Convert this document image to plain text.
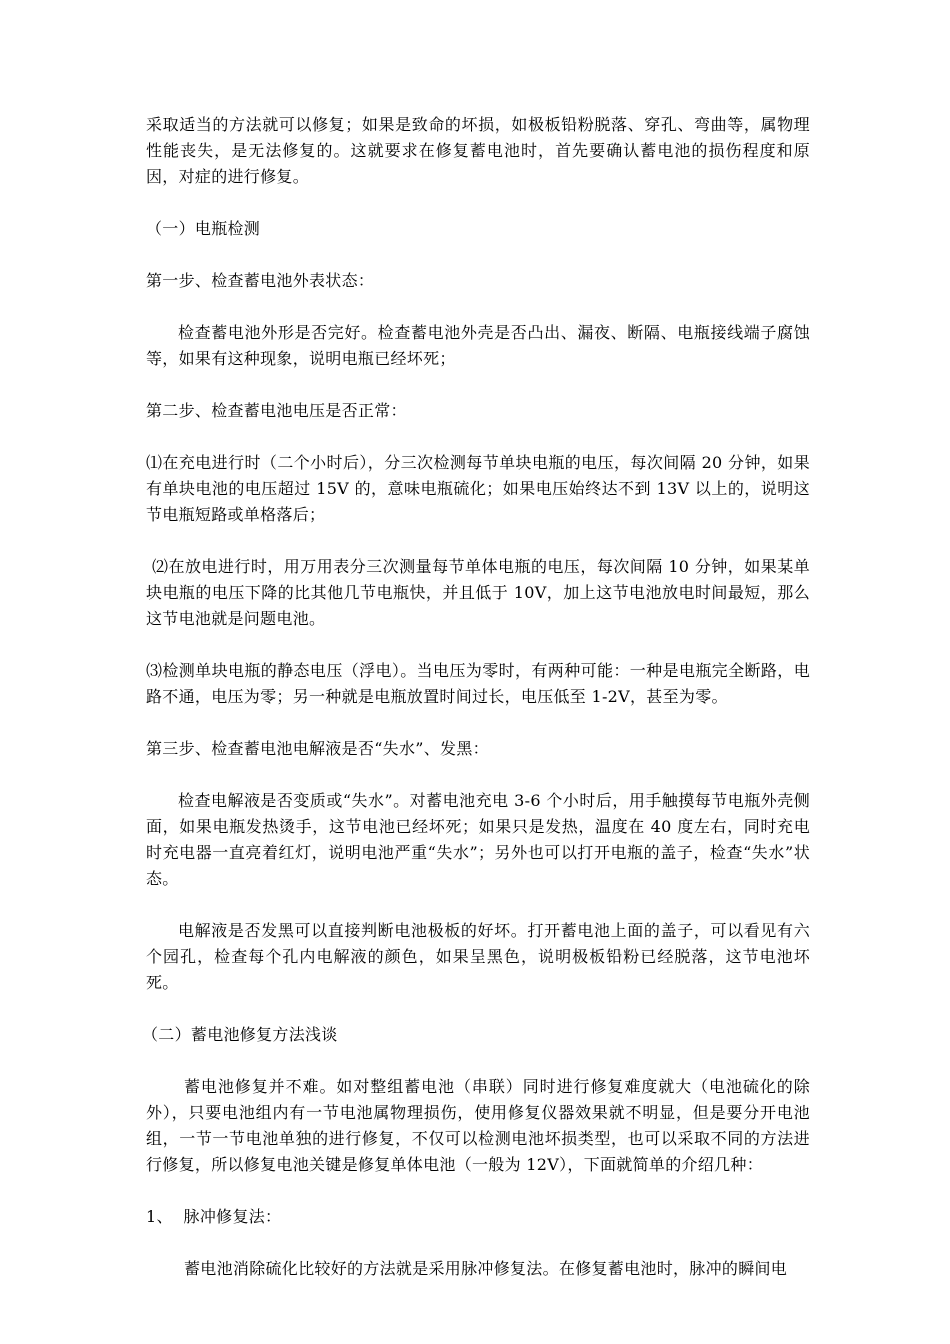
采取适当的方法就可以修复；如果是致命的坏损，如极板铅粉脱落、穿孔、弯曲等，属物理性能丧失，是无法修复的。这就要求在修复蓄电池时，首先要确认蓄电池的损伤程度和原因，对症的进行修复。

（一）电瓶检测

第一步、检查蓄电池外表状态：

检查蓄电池外形是否完好。检查蓄电池外壳是否凸出、漏夜、断隔、电瓶接线端子腐蚀等，如果有这种现象，说明电瓶已经坏死；

第二步、检查蓄电池电压是否正常：

⑴在充电进行时（二个小时后），分三次检测每节单块电瓶的电压，每次间隔 20 分钟，如果有单块电池的电压超过 15V 的，意味电瓶硫化；如果电压始终达不到 13V 以上的，说明这节电瓶短路或单格落后；

⑵在放电进行时，用万用表分三次测量每节单体电瓶的电压，每次间隔 10 分钟，如果某单块电瓶的电压下降的比其他几节电瓶快，并且低于 10V，加上这节电池放电时间最短，那么这节电池就是问题电池。

⑶检测单块电瓶的静态电压（浮电）。当电压为零时，有两种可能：一种是电瓶完全断路，电路不通，电压为零；另一种就是电瓶放置时间过长，电压低至 1-2V，甚至为零。

第三步、检查蓄电池电解液是否“失水”、发黑：

检查电解液是否变质或“失水”。对蓄电池充电 3-6 个小时后，用手触摸每节电瓶外壳侧面，如果电瓶发热烫手，这节电池已经坏死；如果只是发热，温度在 40 度左右，同时充电时充电器一直亮着红灯，说明电池严重“失水”；另外也可以打开电瓶的盖子，检查“失水”状态。

电解液是否发黑可以直接判断电池极板的好坏。打开蓄电池上面的盖子，可以看见有六个园孔，检查每个孔内电解液的颜色，如果呈黑色，说明极板铅粉已经脱落，这节电池坏死。

（二）蓄电池修复方法浅谈

蓄电池修复并不难。如对整组蓄电池（串联）同时进行修复难度就大（电池硫化的除外），只要电池组内有一节电池属物理损伤，使用修复仪器效果就不明显，但是要分开电池组，一节一节电池单独的进行修复，不仅可以检测电池坏损类型，也可以采取不同的方法进行修复，所以修复电池关键是修复单体电池（一般为 12V），下面就简单的介绍几种：

1、  脉冲修复法：

蓄电池消除硫化比较好的方法就是采用脉冲修复法。在修复蓄电池时，脉冲的瞬间电
